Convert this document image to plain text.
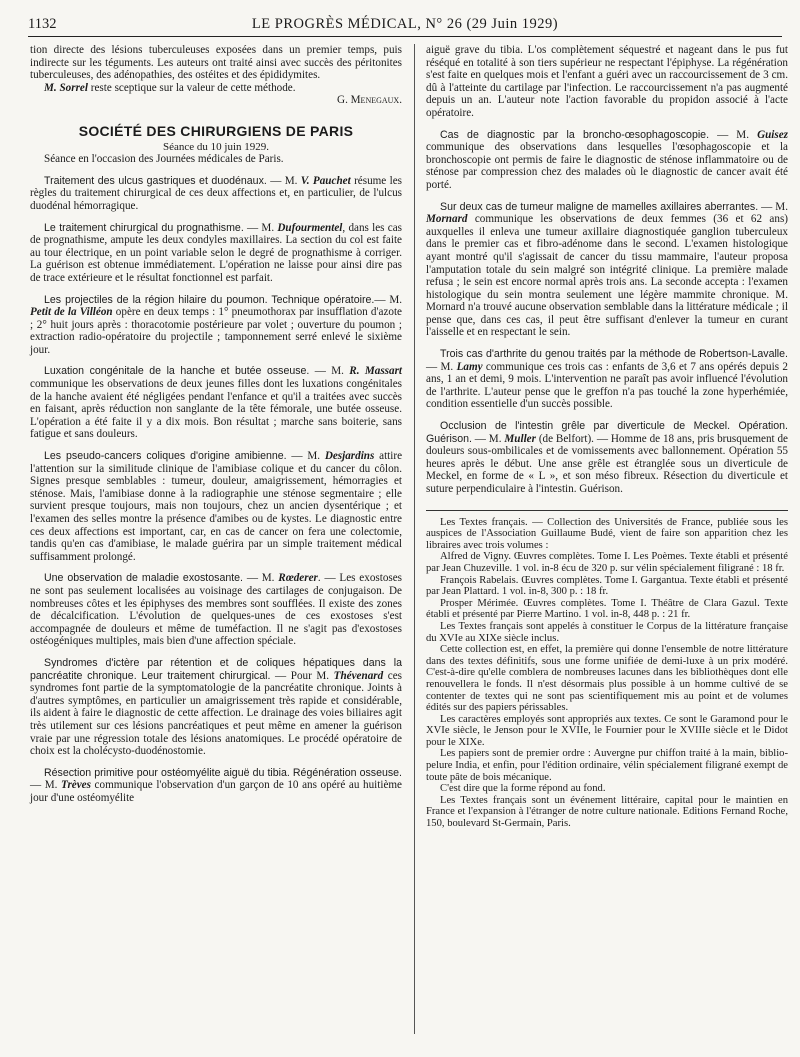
1132	LE PROGRÈS MÉDICAL, N° 26 (29 Juin 1929)

tion directe des lésions tuberculeuses exposées dans un premier temps, puis indirecte sur les téguments. Les auteurs ont traité ainsi avec succès des péritonites tuberculeuses, des adénopathies, des ostéites et des épididymites.

M. Sorrel reste sceptique sur la valeur de cette méthode.

G. Menegaux.

SOCIÉTÉ DES CHIRURGIENS DE PARIS
Séance du 10 juin 1929.

Séance en l'occasion des Journées médicales de Paris.

Traitement des ulcus gastriques et duodénaux. — M. V. Pauchet résume les règles du traitement chirurgical de ces deux affections et, en particulier, de l'ulcus duodénal hémorragique.

Le traitement chirurgical du prognathisme. — M. Dufourmentel, dans les cas de prognathisme, ampute les deux condyles maxillaires. La section du col est faite au tour électrique, en un point variable selon le degré de prognathisme à corriger. La guérison est obtenue immédiatement. L'opération ne laisse pour ainsi dire pas de trace extérieure et le résultat fonctionnel est parfait.

Les projectiles de la région hilaire du poumon. Technique opératoire.— M. Petit de la Villéon opère en deux temps : 1° pneumothorax par insufflation d'azote ; 2° huit jours après : thoracotomie postérieure par volet ; ouverture du poumon ; extraction radio-opératoire du projectile ; tamponnement serré enlevé le sixième jour.

Luxation congénitale de la hanche et butée osseuse. — M. R. Massart communique les observations de deux jeunes filles dont les luxations congénitales de la hanche avaient été négligées pendant l'enfance et qu'il a traitées avec succès en faisant, après réduction non sanglante de la tête fémorale, une butée osseuse. L'opération a été faite il y a dix mois. Bon résultat ; marche sans boiterie, sans fatigue et sans douleurs.

Les pseudo-cancers coliques d'origine amibienne. — M. Desjardins attire l'attention sur la similitude clinique de l'amibiase colique et du cancer du côlon. Signes presque semblables : tumeur, douleur, amaigrissement, hémorragies et sténose. Mais, l'amibiase donne à la radiographie une sténose segmentaire ; elle survient presque toujours, mais non toujours, chez un ancien dysentérique ; et l'examen des selles montre la présence d'amibes ou de kystes. Le diagnostic entre ces deux affections est important, car, en cas de cancer on fera une colectomie, tandis qu'en cas d'amibiase, le malade guérira par un simple traitement médical suffisamment prolongé.

Une observation de maladie exostosante. — M. Rœderer. — Les exostoses ne sont pas seulement localisées au voisinage des cartilages de conjugaison. De nombreuses côtes et les épiphyses des membres sont soufflées. Il existe des zones de décalcification. L'évolution de quelques-unes de ces exostoses s'est accompagnée de douleurs et même de tuméfaction. Il ne s'agit pas d'exostoses ostéogéniques multiples, mais bien d'une affection spéciale.

Syndromes d'ictère par rétention et de coliques hépatiques dans la pancréatite chronique. Leur traitement chirurgical. — Pour M. Thévenard ces syndromes font partie de la symptomatologie de la pancréatite chronique. Joints à d'autres symptômes, en particulier un amaigrissement très rapide et considérable, ils aident à faire le diagnostic de cette affection. Le drainage des voies biliaires agit très utilement sur ces lésions pancréatiques et peut même en amener la guérison vraie par une régression totale des lésions anatomiques. Le procédé opératoire de choix est la cholécysto-duodénostomie.

Résection primitive pour ostéomyélite aiguë du tibia. Régénération osseuse. — M. Trèves communique l'observation d'un garçon de 10 ans opéré au huitième jour d'une ostéomyélite

aiguë grave du tibia. L'os complètement séquestré et nageant dans le pus fut réséqué en totalité à son tiers supérieur ne respectant l'épiphyse. La régénération s'est faite en quelques mois et l'enfant a guéri avec un raccourcissement de 3 cm. dû à l'atteinte du cartilage par l'infection. Le raccourcissement n'a pas augmenté depuis un an. L'auteur note l'action favorable du propidon associé à l'acte opératoire.

Cas de diagnostic par la broncho-œsophagoscopie. — M. Guisez communique des observations dans lesquelles l'œsophagoscopie et la bronchoscopie ont permis de faire le diagnostic de sténose inflammatoire ou de sténose par compression chez des malades où le diagnostic de cancer avait été porté.

Sur deux cas de tumeur maligne de mamelles axillaires aberrantes. — M. Mornard communique les observations de deux femmes (36 et 62 ans) auxquelles il enleva une tumeur axillaire diagnostiquée ganglion tuberculeux dans le premier cas et fibro-adénome dans le second. L'examen histologique ayant montré qu'il s'agissait de cancer du tissu mammaire, l'auteur proposa l'amputation totale du sein malgré son intégrité clinique. La première malade refusa ; le sein est encore normal après trois ans. La seconde accepta : l'examen histologique du sein montra seulement une légère mammite chronique. M. Mornard n'a trouvé aucune observation semblable dans la littérature médicale ; il pense que, dans ces cas, il peut être suffisant d'enlever la tumeur en curant l'aisselle et en respectant le sein.

Trois cas d'arthrite du genou traités par la méthode de Robertson-Lavalle. — M. Lamy communique ces trois cas : enfants de 3,6 et 7 ans opérés depuis 2 ans, 1 an et demi, 9 mois. L'intervention ne paraît pas avoir influencé l'évolution de l'arthrite. L'auteur pense que le greffon n'a pas touché la zone hyperhémiée, condition essentielle d'un succès possible.

Occlusion de l'intestin grêle par diverticule de Meckel. Opération. Guérison. — M. Muller (de Belfort). — Homme de 18 ans, pris brusquement de douleurs sous-ombilicales et de vomissements avec ballonnement. Opération 55 heures après le début. Une anse grêle est étranglée sous un diverticule de Meckel, en forme de « L », et son méso fibreux. Résection du diverticule et suture perpendiculaire à l'intestin. Guérison.

Les Textes français. — Collection des Universités de France, publiée sous les auspices de l'Association Guillaume Budé, vient de faire son apparition chez les libraires avec trois volumes :

Alfred de Vigny. Œuvres complètes. Tome I. Les Poèmes. Texte établi et présenté par Jean Chuzeville. 1 vol. in-8 écu de 320 p. sur vélin spécialement filigrané : 18 fr.

François Rabelais. Œuvres complètes. Tome I. Gargantua. Texte établi et présenté par Jean Plattard. 1 vol. in-8, 300 p. : 18 fr.

Prosper Mérimée. Œuvres complètes. Tome I. Théâtre de Clara Gazul. Texte établi et présenté par Pierre Martino. 1 vol. in-8, 448 p. : 21 fr.

Les Textes français sont appelés à constituer le Corpus de la littérature française du XVIe au XIXe siècle inclus.

Cette collection est, en effet, la première qui donne l'ensemble de notre littérature dans des textes définitifs, sous une forme unifiée de demi-luxe à un prix modéré. C'est-à-dire qu'elle comblera de nombreuses lacunes dans les bibliothèques dont elle renouvellera le fonds. Il n'est désormais plus possible à un homme cultivé de se contenter de textes qui ne sont pas scientifiquement mis au point et de volumes édités sur des papiers périssables.

Les caractères employés sont appropriés aux textes. Ce sont le Garamond pour le XVIe siècle, le Jenson pour le XVIIe, le Fournier pour le XVIIIe siècle et le Didot pour le XIXe.

Les papiers sont de premier ordre : Auvergne pur chiffon traité à la main, biblio-pelure India, et enfin, pour l'édition ordinaire, vélin spécialement filigrané exempt de toute pâte de bois mécanique.

C'est dire que la forme répond au fond.

Les Textes français sont un événement littéraire, capital pour le maintien en France et l'expansion à l'étranger de notre culture nationale. Editions Fernand Roche, 150, boulevard St-Germain, Paris.
